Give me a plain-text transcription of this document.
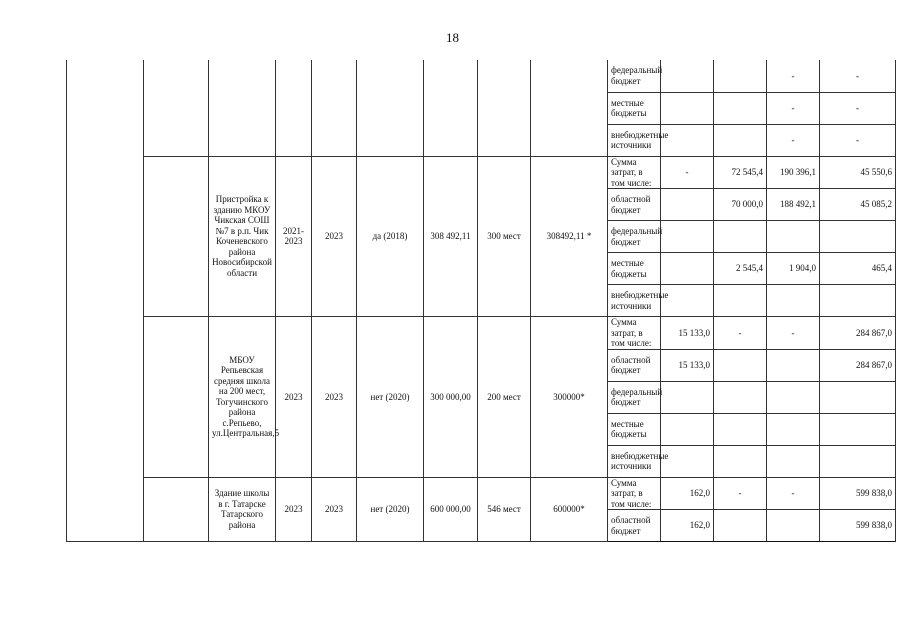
18
									федеральный бюджет			-	-	
									местные бюджеты			-	-	
									внебюджетные источники			-	-	
		Пристройка к зданию МКОУ Чикская СОШ №7 в р.п. Чик Коченевского района Новосибирской области	2021-2023	2023	да (2018)	308 492,11	300 мест	308492,11 *	Сумма затрат, в том числе:	-	72 545,4	190 396,1	45 550,6	
									областной бюджет		70 000,0	188 492,1	45 085,2	
									федеральный бюджет					
									местные бюджеты		2 545,4	1 904,0	465,4	
									внебюджетные источники					
		МБОУ Репьевская средняя школа на 200 мест, Тогучинского района с.Репьево, ул.Центральная,5	2023	2023	нет (2020)	300 000,00	200 мест	300000*	Сумма затрат, в том числе:	15 133,0	-	-	284 867,0	
									областной бюджет	15 133,0			284 867,0	
									федеральный бюджет					
									местные бюджеты					
									внебюджетные источники					
		Здание школы в г. Татарске Татарского района	2023	2023	нет (2020)	600 000,00	546 мест	600000*	Сумма затрат, в том числе:	162,0	-	-	599 838,0	
									областной бюджет	162,0			599 838,0	
